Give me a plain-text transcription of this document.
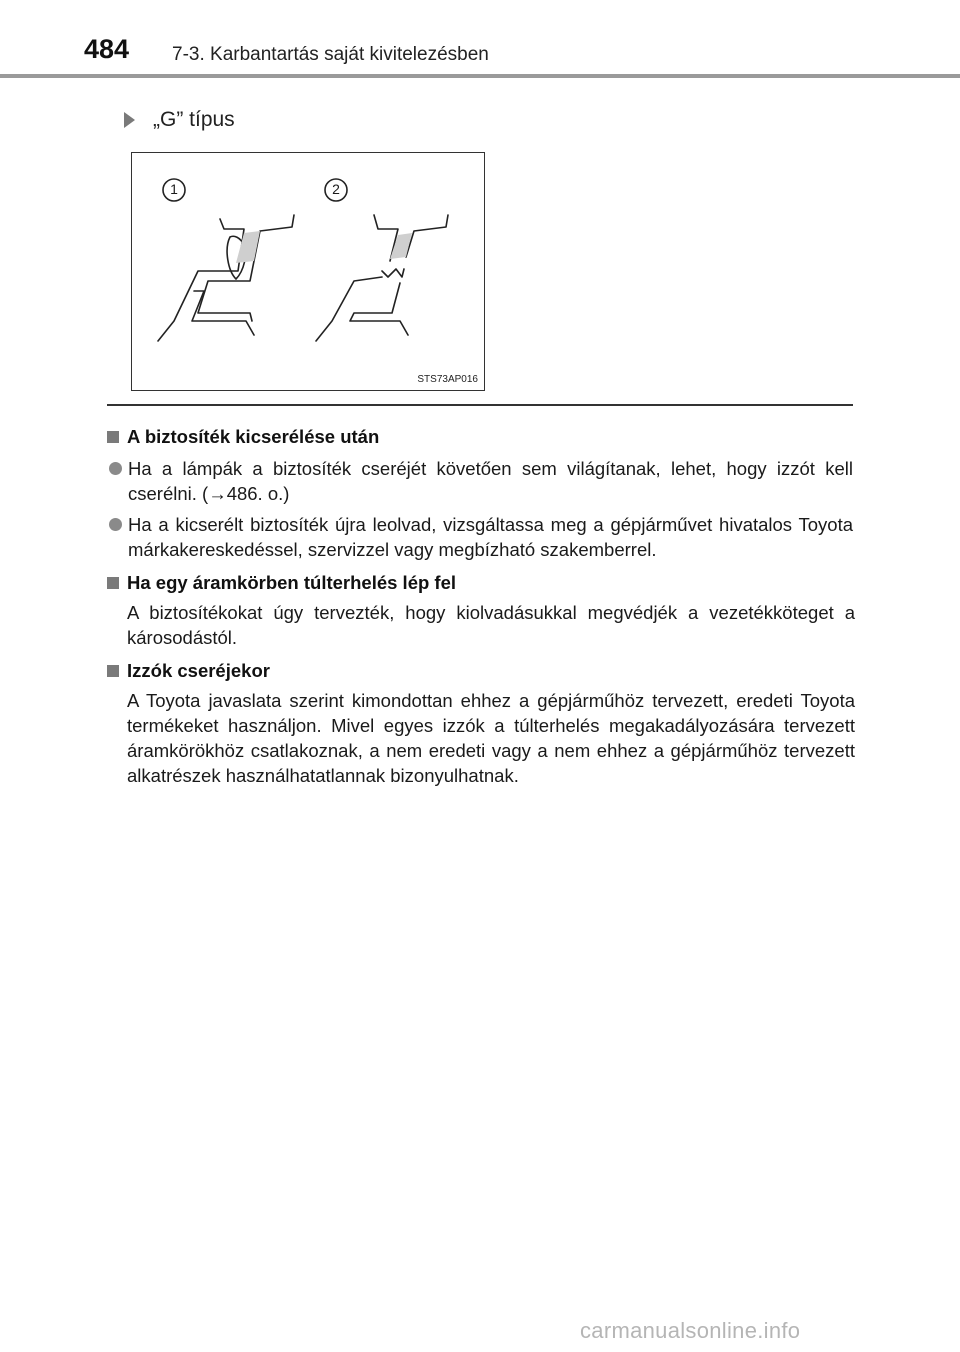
484 7-3. Karbantartás saját kivitelezésben
„G” típus
1	2
STS73AP016
A biztosíték kicserélése után
Ha a lámpák a biztosíték cseréjét követően sem világítanak, lehet, hogy izzót kell cserélni. (→486. o.)
Ha a kicserélt biztosíték újra leolvad, vizsgáltassa meg a gépjárművet hivatalos Toyota márkakereskedéssel, szervizzel vagy megbízható szakemberrel.
Ha egy áramkörben túlterhelés lép fel
A biztosítékokat úgy tervezték, hogy kiolvadásukkal megvédjék a vezetékköteget a károsodástól.
Izzók cseréjekor
A Toyota javaslata szerint kimondottan ehhez a gépjárműhöz tervezett, eredeti Toyota termékeket használjon. Mivel egyes izzók a túlterhelés megakadályozására tervezett áramkörökhöz csatlakoznak, a nem eredeti vagy a nem ehhez a gépjárműhöz tervezett alkatrészek használhatatlannak bizonyulhatnak.
carmanualsonline.info
